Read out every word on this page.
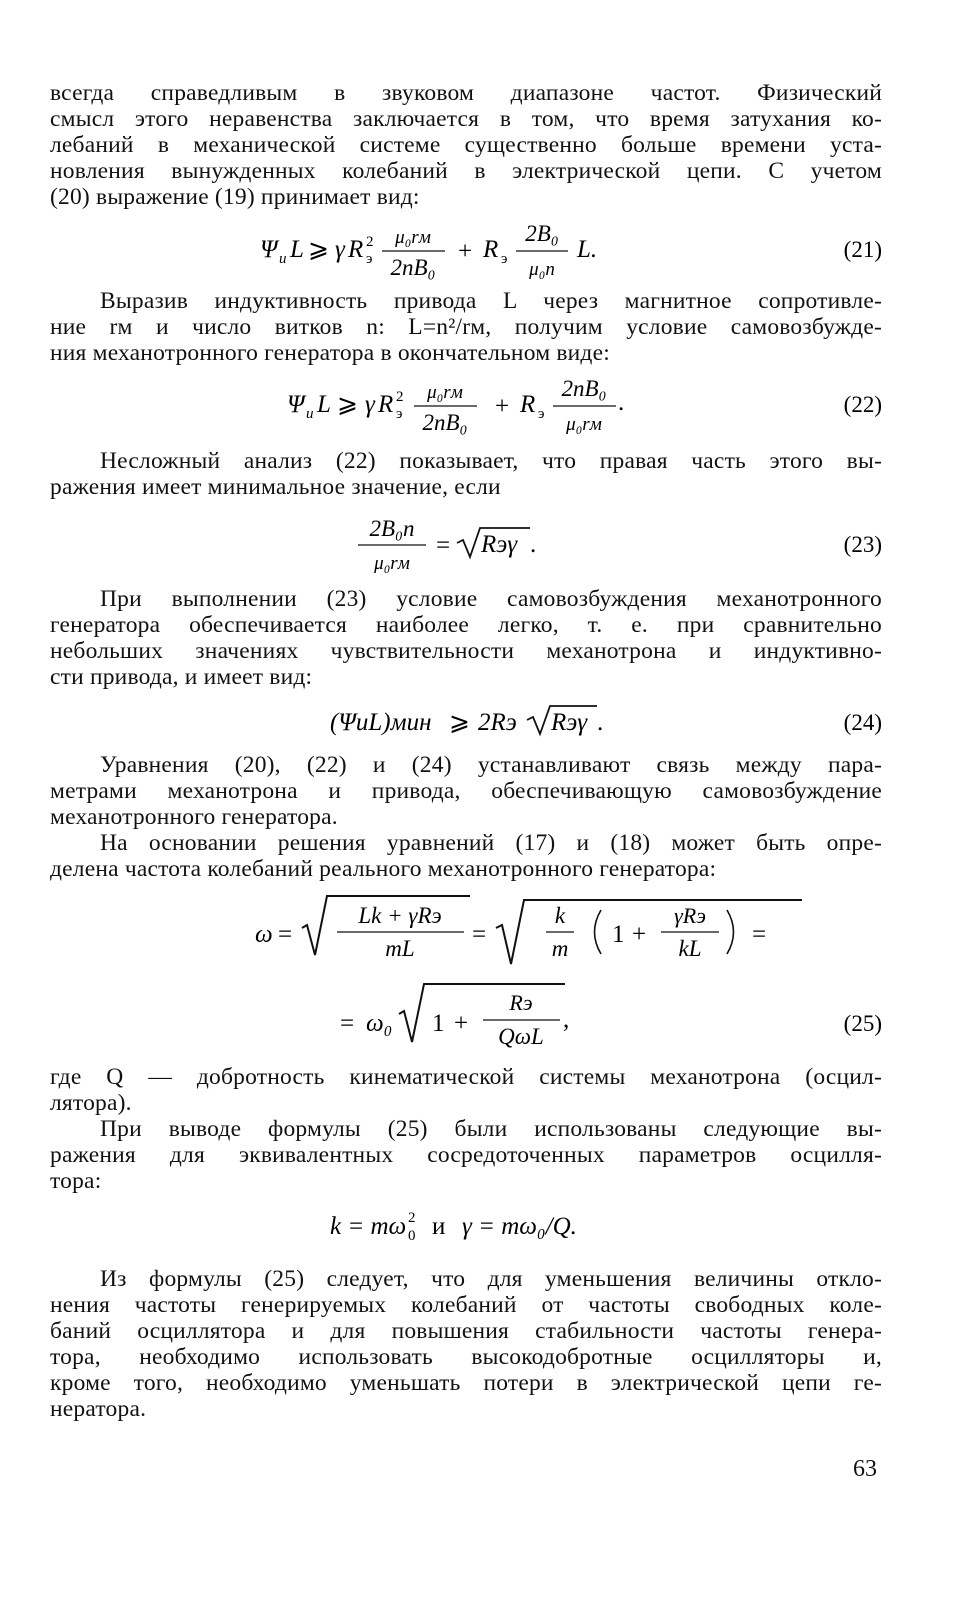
всегда справедливым в звуковом диапазоне частот. Физический
смысл этого неравенства заключается в том, что время затухания ко-
лебаний в механической системе существенно больше времени уста-
новления вынужденных колебаний в электрической цепи. С учетом
(20) выражение (19) принимает вид:

Ψ u L ⩾ γ R э
2 μ₀rм
2nB₀
+ R э
2B₀
μ₀n
L.	(21)

Выразив индуктивность привода L через магнитное сопротивле-
ние rм и число витков n: L=n²/rм, получим условие самовозбужде-
ния механотронного генератора в окончательном виде:

Ψ u L ⩾ γ R э
2 μ₀rм
2nB₀
+ R э
2nB₀
μ₀rм
.	(22)

Несложный анализ (22) показывает, что правая часть этого вы-
ражения имеет минимальное значение, если

2B₀n
μ₀rм
= Rэγ .	(23)

При выполнении (23) условие самовозбуждения механотронного
генератора обеспечивается наиболее легко, т. е. при сравнительно
небольших значениях чувствительности механотрона и индуктивно-
сти привода, и имеет вид:

(ΨuL)мин ⩾ 2Rэ Rэγ .	(24)

Уравнения (20), (22) и (24) устанавливают связь между пара-
метрами механотрона и привода, обеспечивающую самовозбуждение
механотронного генератора.

На основании решения уравнений (17) и (18) может быть опре-
делена частота колебаний реального механотронного генератора:

ω =
Lk + γRэ
mL
=
k
m
1 +
γRэ
kL
=
= ω₀ 1 +
Rэ
QωL
,	(25)

где Q — добротность кинематической системы механотрона (осцил-
лятора).

При выводе формулы (25) были использованы следующие вы-
ражения для эквивалентных сосредоточенных параметров осцилля-
тора:

k = mω 0
2 и γ = mω₀/Q.

Из формулы (25) следует, что для уменьшения величины откло-
нения частоты генерируемых колебаний от частоты свободных коле-
баний осциллятора и для повышения стабильности частоты генера-
тора, необходимо использовать высокодобротные осцилляторы и,
кроме того, необходимо уменьшать потери в электрической цепи ге-
нератора.

63
